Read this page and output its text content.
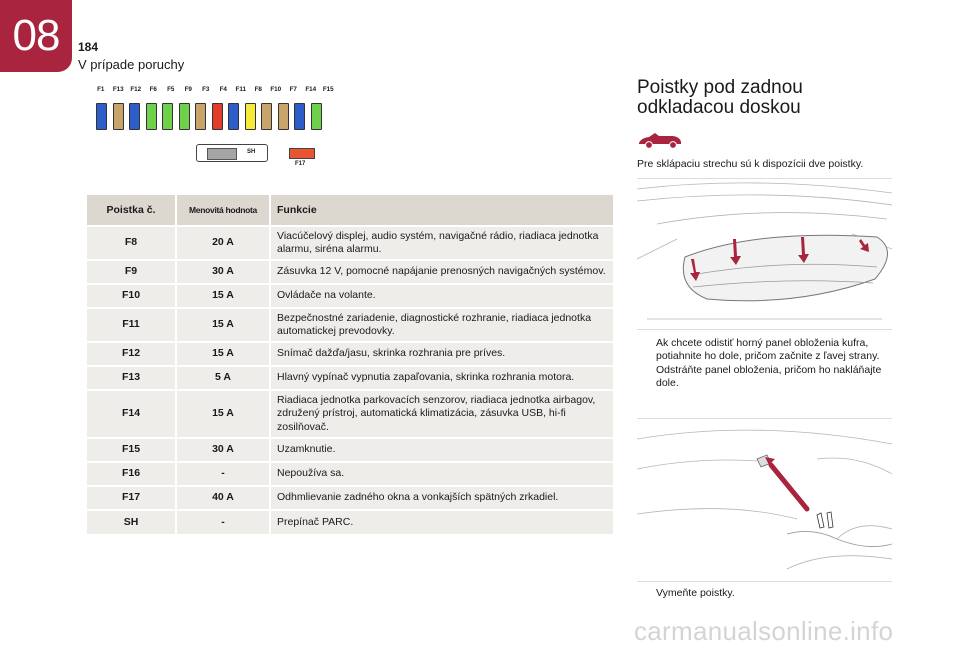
08	184
V prípade poruchy
F1	F13	F12	F6	F5	F9	F3	F4	F11	F8	F10	F7	F14	F15
SH
F17
Poistka č.	Menovitá hodnota	Funkcie
F8	20 A	Viacúčelový displej, audio systém, navigačné rádio, riadiaca jednotka alarmu, siréna alarmu.
F9	30 A	Zásuvka 12 V, pomocné napájanie prenosných navigačných systémov.
F10	15 A	Ovládače na volante.
F11	15 A	Bezpečnostné zariadenie, diagnostické rozhranie, riadiaca jednotka automatickej prevodovky.
F12	15 A	Snímač dažďa/jasu, skrinka rozhrania pre príves.
F13	5 A	Hlavný vypínač vypnutia zapaľovania, skrinka rozhrania motora.
F14	15 A	Riadiaca jednotka parkovacích senzorov, riadiaca jednotka airbagov, združený prístroj, automatická klimatizácia, zásuvka USB, hi-fi zosilňovač.
F15	30 A	Uzamknutie.
F16	-	Nepoužíva sa.
F17	40 A	Odhmlievanie zadného okna a vonkajších spätných zrkadiel.
SH	-	Prepínač PARC.
Poistky pod zadnou
odkladacou doskou
Pre sklápaciu strechu sú k dispozícii dve poistky.
Ak chcete odistiť horný panel obloženia kufra, potiahnite ho dole, pričom začnite z ľavej strany.
Odstráňte panel obloženia, pričom ho nakláňajte dole.
Vymeňte poistky.
carmanualsonline.info
